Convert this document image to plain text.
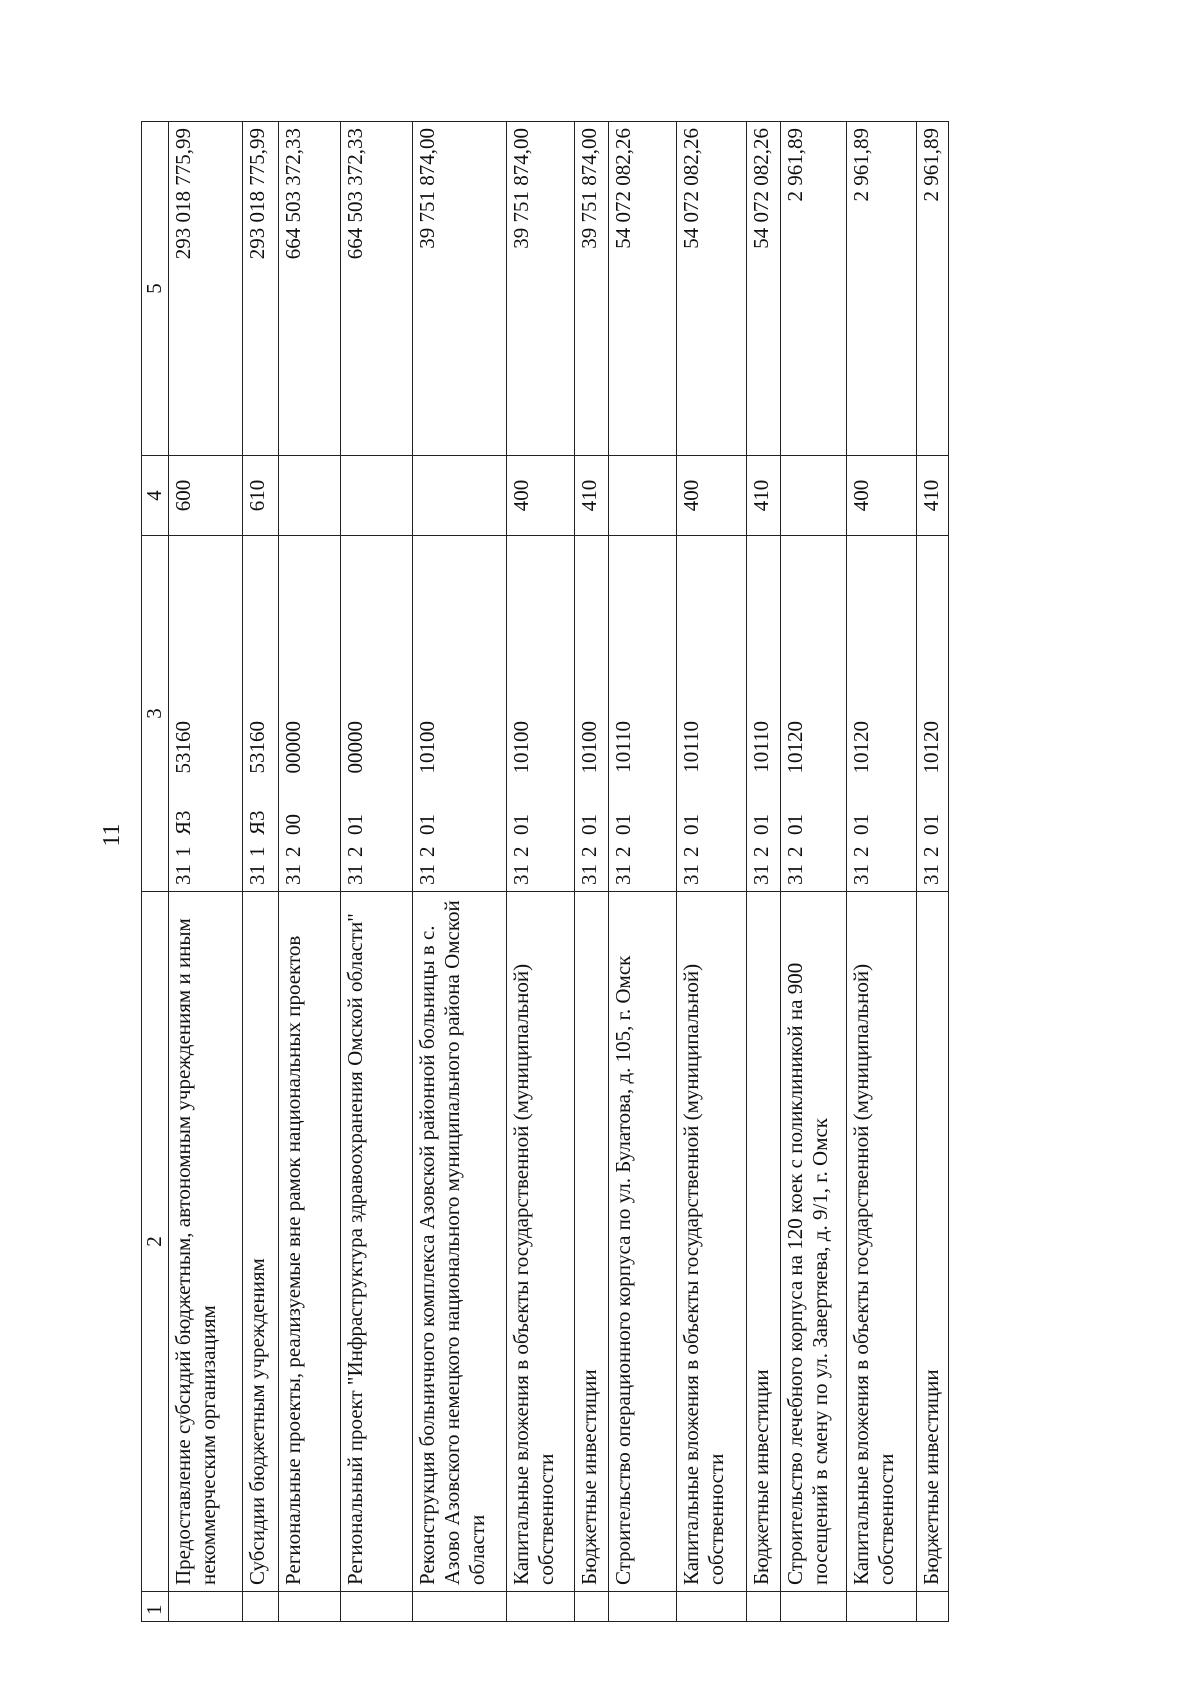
11
1	2	3	4	5
	Предоставление субсидий бюджетным, автономным учреждениям и иным некоммерческим организациям	311Я353160	600	293 018 775,99
	Субсидии бюджетным учреждениям	311Я353160	610	293 018 775,99
	Региональные проекты, реализуемые вне рамок национальных проектов	3120000000		664 503 372,33
	Региональный проект "Инфраструктура здравоохранения Омской области"	3120100000		664 503 372,33
	Реконструкция больничного комплекса Азовской районной больницы в с. Азово Азовского немецкого национального муниципального района Омской области	3120110100		39 751 874,00
	Капитальные вложения в объекты государственной (муниципальной) собственности	3120110100	400	39 751 874,00
	Бюджетные инвестиции	3120110100	410	39 751 874,00
	Строительство операционного корпуса по ул. Булатова, д. 105, г. Омск	3120110110		54 072 082,26
	Капитальные вложения в объекты государственной (муниципальной) собственности	3120110110	400	54 072 082,26
	Бюджетные инвестиции	3120110110	410	54 072 082,26
	Строительство лечебного корпуса на 120 коек с поликлиникой на 900 посещений в смену по ул. Завертяева, д. 9/1, г. Омск	3120110120		2 961,89
	Капитальные вложения в объекты государственной (муниципальной) собственности	3120110120	400	2 961,89
	Бюджетные инвестиции	3120110120	410	2 961,89
